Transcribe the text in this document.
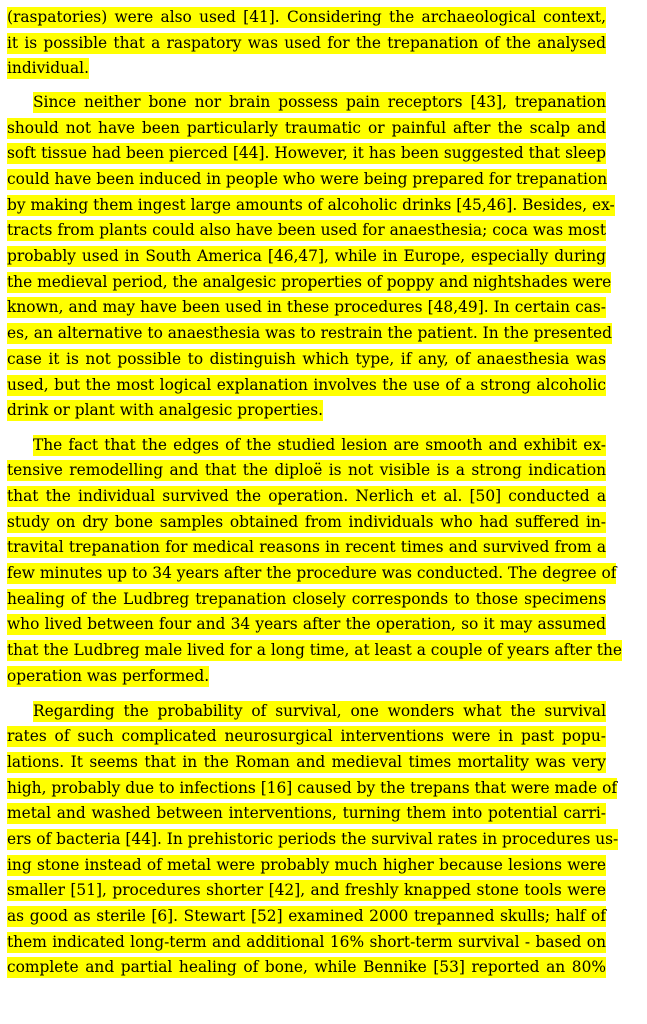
(raspatories) were also used [41]. Considering the archaeological context,
it is possible that a raspatory was used for the trepanation of the analysed
individual.
Since neither bone nor brain possess pain receptors [43], trepanation
should not have been particularly traumatic or painful after the scalp and
soft tissue had been pierced [44]. However, it has been suggested that sleep
could have been induced in people who were being prepared for trepanation
by making them ingest large amounts of alcoholic drinks [45,46]. Besides, ex-
tracts from plants could also have been used for anaesthesia; coca was most
probably used in South America [46,47], while in Europe, especially during
the medieval period, the analgesic properties of poppy and nightshades were
known, and may have been used in these procedures [48,49]. In certain cas-
es, an alternative to anaesthesia was to restrain the patient. In the presented
case it is not possible to distinguish which type, if any, of anaesthesia was
used, but the most logical explanation involves the use of a strong alcoholic
drink or plant with analgesic properties.
The fact that the edges of the studied lesion are smooth and exhibit ex-
tensive remodelling and that the diploë is not visible is a strong indication
that the individual survived the operation. Nerlich et al. [50] conducted a
study on dry bone samples obtained from individuals who had suffered in-
travital trepanation for medical reasons in recent times and survived from a
few minutes up to 34 years after the procedure was conducted. The degree of
healing of the Ludbreg trepanation closely corresponds to those specimens
who lived between four and 34 years after the operation, so it may assumed
that the Ludbreg male lived for a long time, at least a couple of years after the
operation was performed.
Regarding the probability of survival, one wonders what the survival
rates of such complicated neurosurgical interventions were in past popu-
lations. It seems that in the Roman and medieval times mortality was very
high, probably due to infections [16] caused by the trepans that were made of
metal and washed between interventions, turning them into potential carri-
ers of bacteria [44]. In prehistoric periods the survival rates in procedures us-
ing stone instead of metal were probably much higher because lesions were
smaller [51], procedures shorter [42], and freshly knapped stone tools were
as good as sterile [6]. Stewart [52] examined 2000 trepanned skulls; half of
them indicated long-term and additional 16% short-term survival - based on
complete and partial healing of bone, while Bennike [53] reported an 80%
